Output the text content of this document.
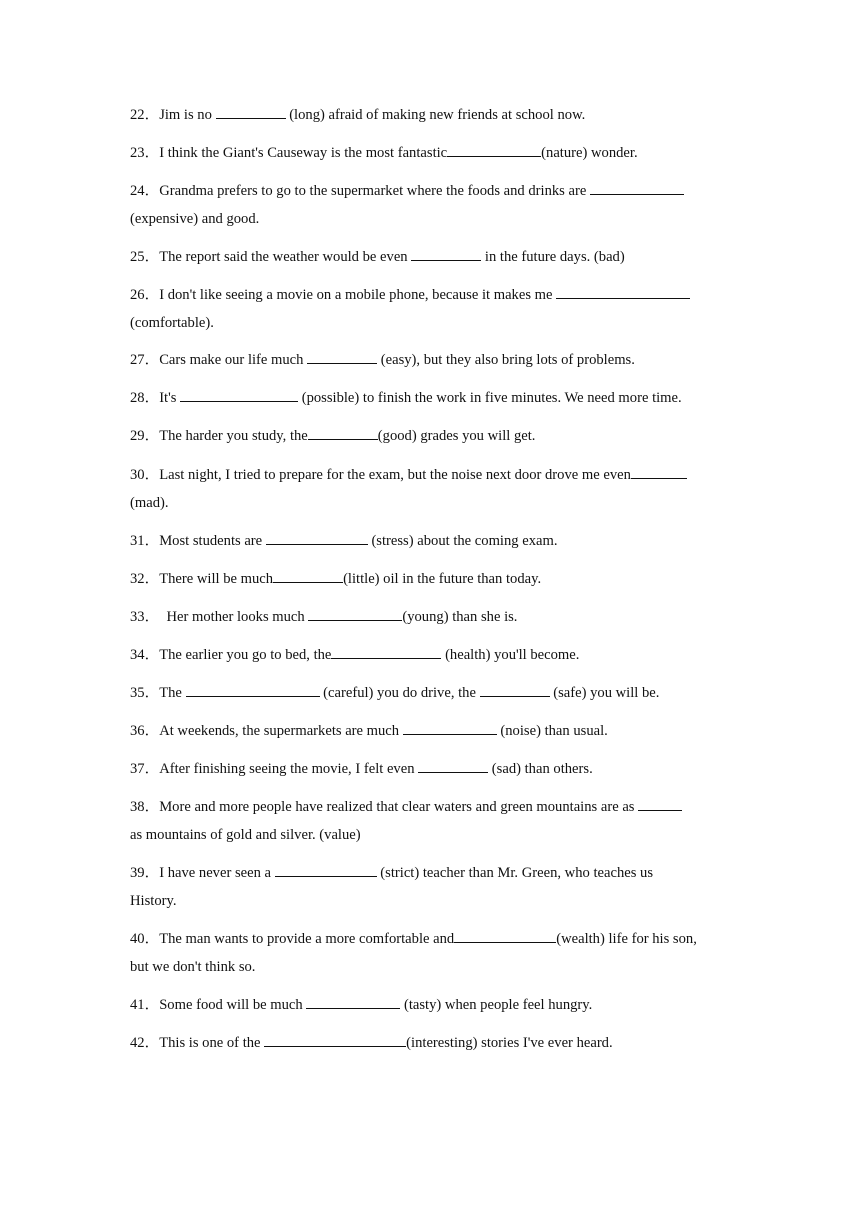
22．Jim is no	(long) afraid of making new friends at school now.
23．I think the Giant's Causeway is the most fantastic	(nature) wonder.
24．Grandma prefers to go to the supermarket where the foods and drinks are
(expensive) and good.
25．The report said the weather would be even	in the future days. (bad)
26．I don't like seeing a movie on a mobile phone, because it makes me
(comfortable).
27．Cars make our life much	(easy), but they also bring lots of problems.
28．It's	(possible) to finish the work in five minutes. We need more time.
29．The harder you study, the	(good) grades you will get.
30．Last night, I tried to prepare for the exam, but the noise next door drove me even
(mad).
31．Most students are	(stress) about the coming exam.
32．There will be much	(little) oil in the future than today.
33．  Her mother looks much	(young) than she is.
34．The earlier you go to bed, the	(health) you'll become.
35．The	(careful) you do drive, the	(safe) you will be.
36．At weekends, the supermarkets are much	(noise) than usual.
37．After finishing seeing the movie, I felt even	(sad) than others.
38．More and more people have realized that clear waters and green mountains are as
as mountains of gold and silver. (value)
39．I have never seen a	(strict) teacher than Mr. Green, who teaches us
History.
40．The man wants to provide a more comfortable and	(wealth) life for his son,
but we don't think so.
41．Some food will be much	(tasty) when people feel hungry.
42．This is one of the	(interesting) stories I've ever heard.
